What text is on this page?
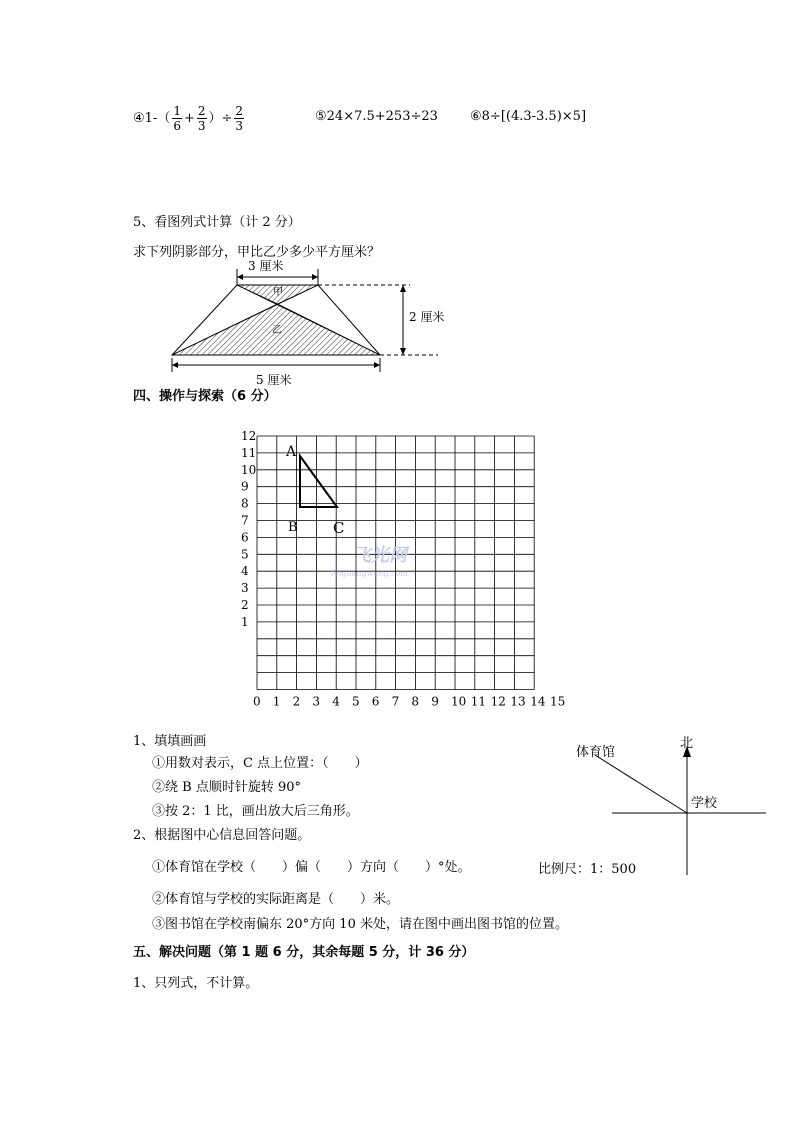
④1-（ $\frac{1}{6} + \frac{2}{3}$ ）÷ $\frac{2}{3}$	⑤24×7.5+253÷23 ⑥8÷[(4.3-3.5)×5]
5、看图列式计算（计 2 分）
求下列阴影部分，甲比乙少多少平方厘米？
3 厘米
甲
乙
2 厘米
5 厘米
四、操作与探索（6 分）
1
2
3
4
5
6
7
8
9
10
11
12
0 1 2 3 4 5 6 7 8 9 10 11 12 13 14 15
A
B C
飞光网
feiguangwang.com
1、填填画画
①用数对表示，C 点上位置：（　　）
②绕 B 点顺时针旋转 90°
③按 2：1 比，画出放大后三角形。
2、根据图中心信息回答问题。
①体育馆在学校（　　）偏（　　）方向（　　）°处。	比例尺：1：500
②体育馆与学校的实际距离是（　　）米。
③图书馆在学校南偏东 20°方向 10 米处，请在图中画出图书馆的位置。
北
体育馆
学校
五、解决问题（第 1 题 6 分，其余每题 5 分，计 36 分）
1、只列式，不计算。
